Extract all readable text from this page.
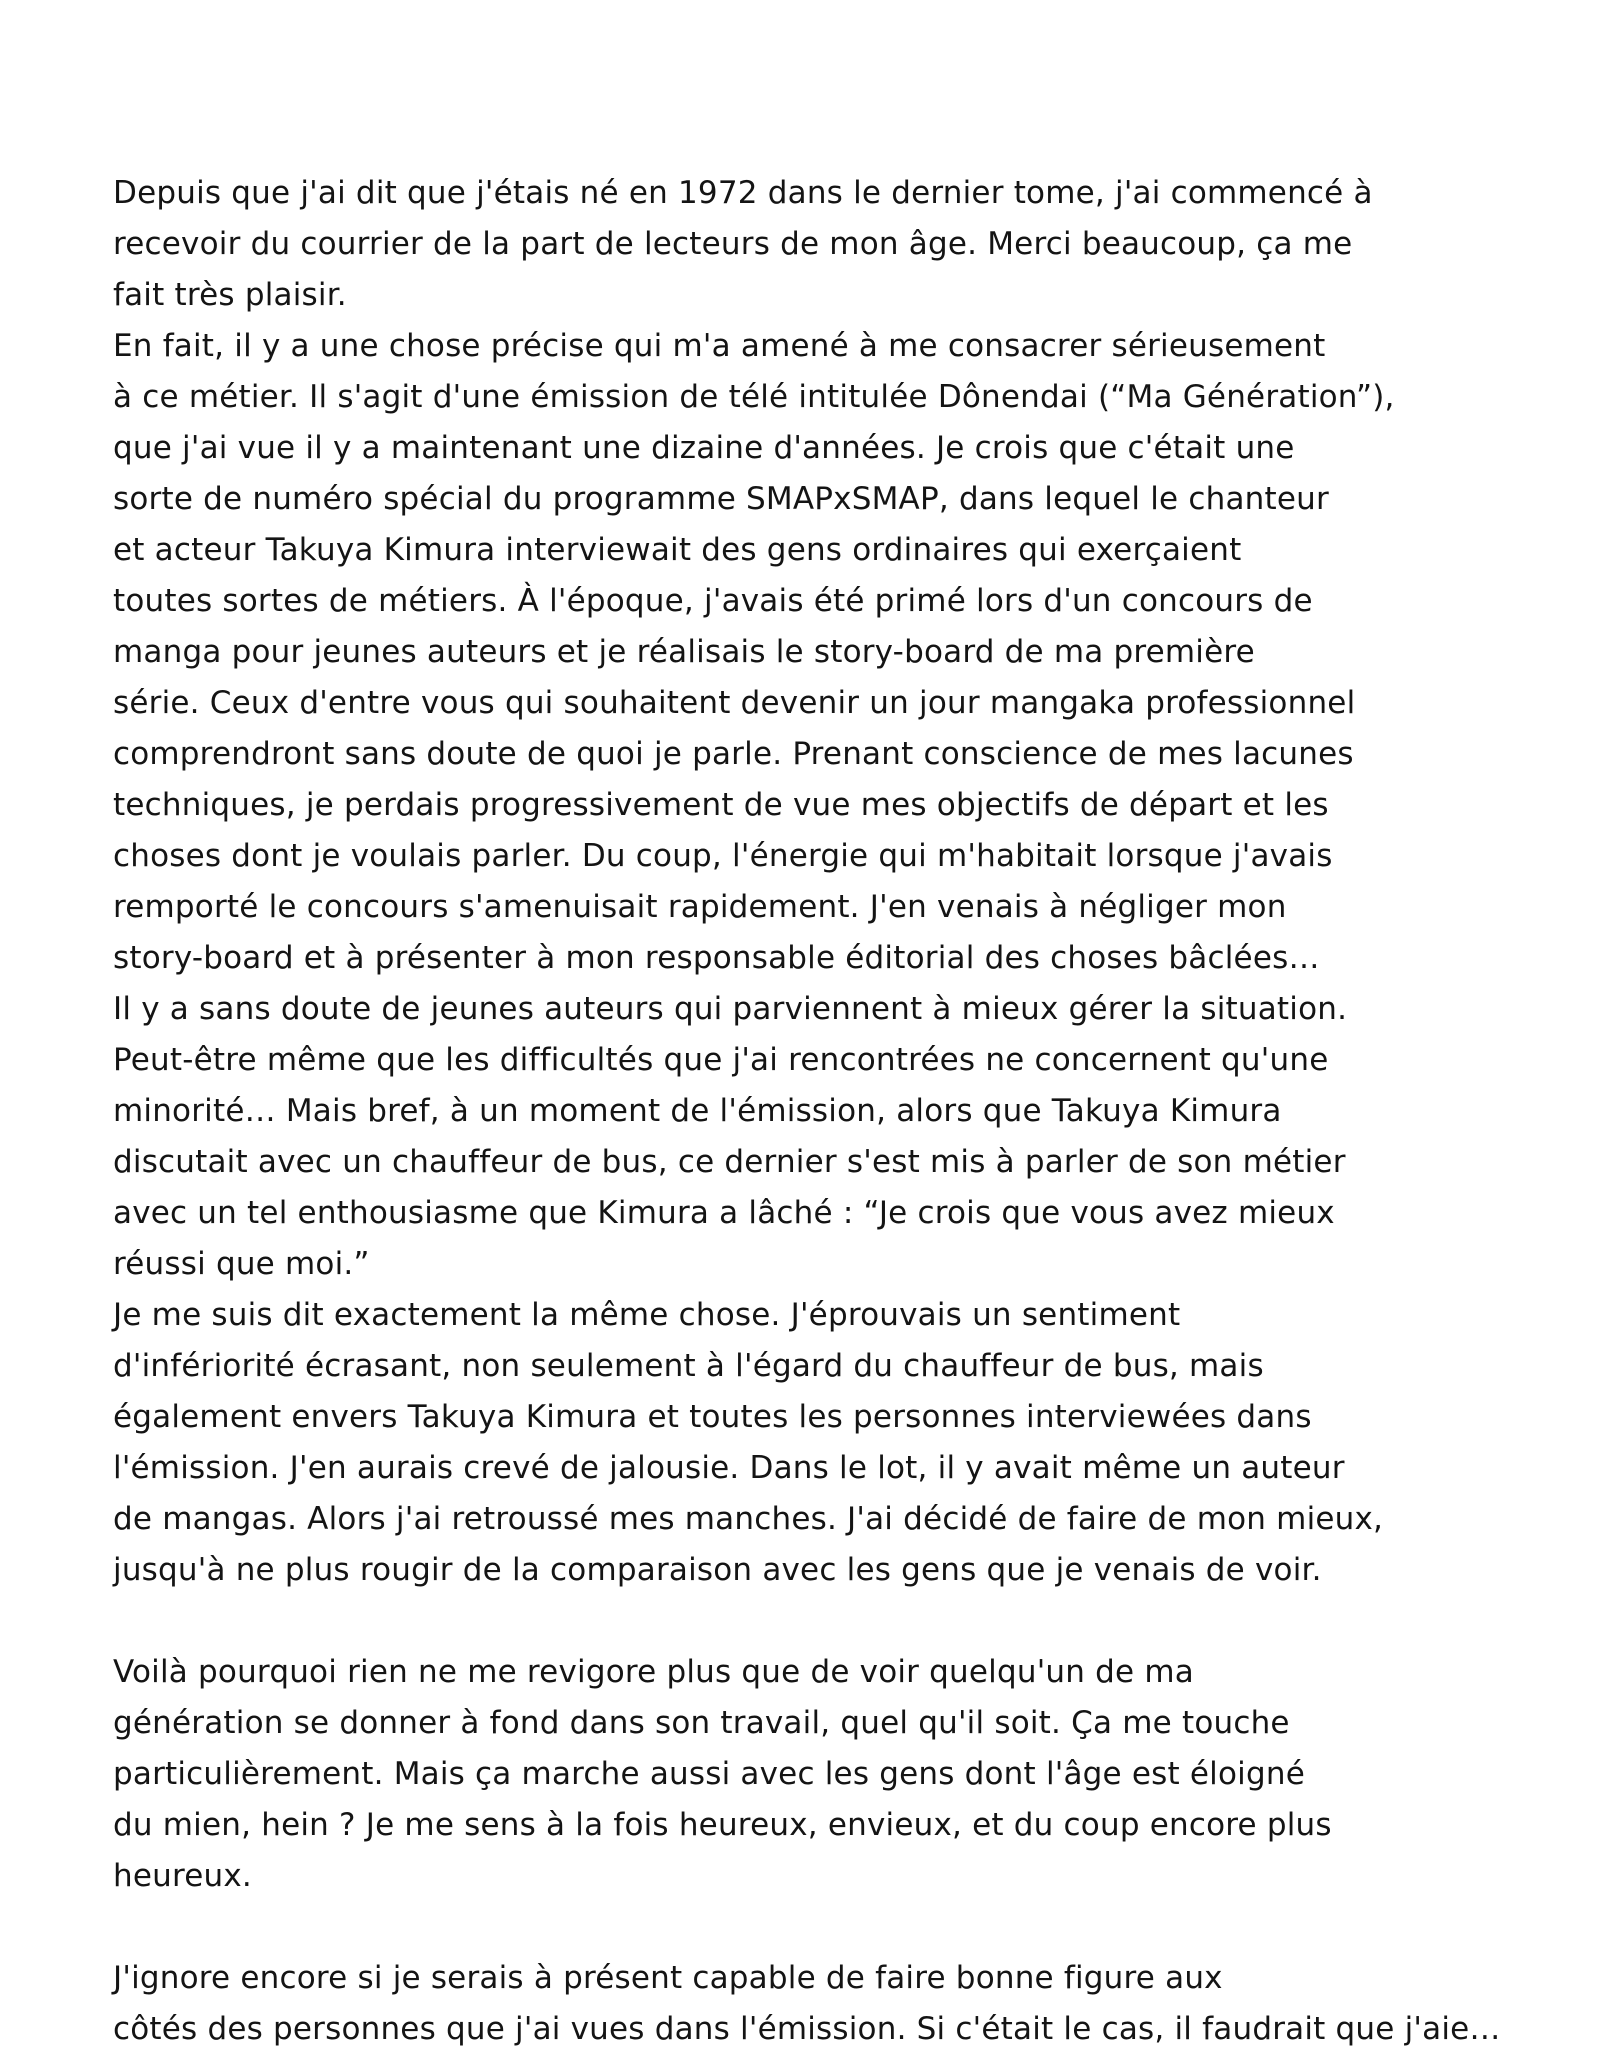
Depuis que j'ai dit que j'étais né en 1972 dans le dernier tome, j'ai commencé à
recevoir du courrier de la part de lecteurs de mon âge. Merci beaucoup, ça me
fait très plaisir.
En fait, il y a une chose précise qui m'a amené à me consacrer sérieusement
à ce métier. Il s'agit d'une émission de télé intitulée Dônendai (“Ma Génération”),
que j'ai vue il y a maintenant une dizaine d'années. Je crois que c'était une
sorte de numéro spécial du programme SMAPxSMAP, dans lequel le chanteur
et acteur Takuya Kimura interviewait des gens ordinaires qui exerçaient
toutes sortes de métiers. À l'époque, j'avais été primé lors d'un concours de
manga pour jeunes auteurs et je réalisais le story-board de ma première
série. Ceux d'entre vous qui souhaitent devenir un jour mangaka professionnel
comprendront sans doute de quoi je parle. Prenant conscience de mes lacunes
techniques, je perdais progressivement de vue mes objectifs de départ et les
choses dont je voulais parler. Du coup, l'énergie qui m'habitait lorsque j'avais
remporté le concours s'amenuisait rapidement. J'en venais à négliger mon
story-board et à présenter à mon responsable éditorial des choses bâclées…
Il y a sans doute de jeunes auteurs qui parviennent à mieux gérer la situation.
Peut-être même que les difficultés que j'ai rencontrées ne concernent qu'une
minorité… Mais bref, à un moment de l'émission, alors que Takuya Kimura
discutait avec un chauffeur de bus, ce dernier s'est mis à parler de son métier
avec un tel enthousiasme que Kimura a lâché : “Je crois que vous avez mieux
réussi que moi.”
Je me suis dit exactement la même chose. J'éprouvais un sentiment
d'infériorité écrasant, non seulement à l'égard du chauffeur de bus, mais
également envers Takuya Kimura et toutes les personnes interviewées dans
l'émission. J'en aurais crevé de jalousie. Dans le lot, il y avait même un auteur
de mangas. Alors j'ai retroussé mes manches. J'ai décidé de faire de mon mieux,
jusqu'à ne plus rougir de la comparaison avec les gens que je venais de voir.
Voilà pourquoi rien ne me revigore plus que de voir quelqu'un de ma
génération se donner à fond dans son travail, quel qu'il soit. Ça me touche
particulièrement. Mais ça marche aussi avec les gens dont l'âge est éloigné
du mien, hein ? Je me sens à la fois heureux, envieux, et du coup encore plus
heureux.
J'ignore encore si je serais à présent capable de faire bonne figure aux
côtés des personnes que j'ai vues dans l'émission. Si c'était le cas, il faudrait que j'aie…
